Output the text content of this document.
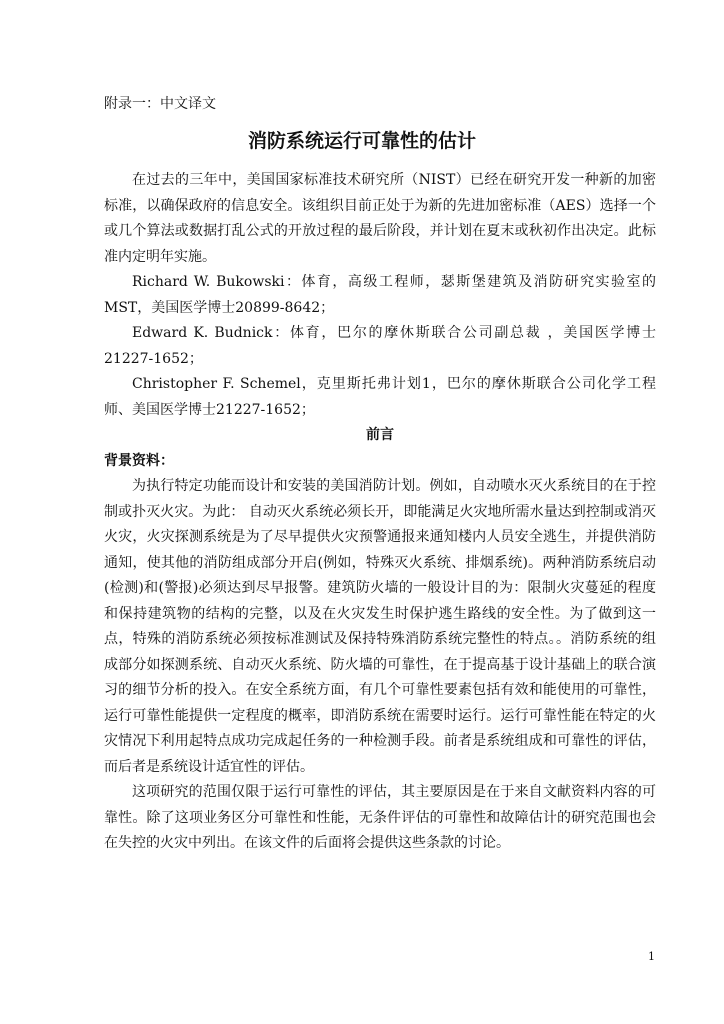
附录一：中文译文
消防系统运行可靠性的估计

在过去的三年中，美国国家标准技术研究所（NIST）已经在研究开发一种新的加密标准，以确保政府的信息安全。该组织目前正处于为新的先进加密标准（AES）选择一个或几个算法或数据打乱公式的开放过程的最后阶段，并计划在夏末或秋初作出决定。此标准内定明年实施。

Richard W. Bukowski：体育，高级工程师，瑟斯堡建筑及消防研究实验室的MST，美国医学博士20899-8642；

Edward K. Budnick：体育，巴尔的摩休斯联合公司副总裁 ，美国医学博士21227-1652；

Christopher F. Schemel，克里斯托弗计划1，巴尔的摩休斯联合公司化学工程师、美国医学博士21227-1652；

前言

背景资料：

为执行特定功能而设计和安装的美国消防计划。例如，自动喷水灭火系统目的在于控制或扑灭火灾。为此： 自动灭火系统必须长开，即能满足火灾地所需水量达到控制或消灭火灾，火灾探测系统是为了尽早提供火灾预警通报来通知楼内人员安全逃生，并提供消防通知，使其他的消防组成部分开启(例如，特殊灭火系统、排烟系统)。两种消防系统启动(检测)和(警报)必须达到尽早报警。建筑防火墙的一般设计目的为：限制火灾蔓延的程度和保持建筑物的结构的完整，以及在火灾发生时保护逃生路线的安全性。为了做到这一点，特殊的消防系统必须按标准测试及保持特殊消防系统完整性的特点。。消防系统的组成部分如探测系统、自动灭火系统、防火墙的可靠性，在于提高基于设计基础上的联合演习的细节分析的投入。在安全系统方面，有几个可靠性要素包括有效和能使用的可靠性，运行可靠性能提供一定程度的概率，即消防系统在需要时运行。运行可靠性能在特定的火灾情况下利用起特点成功完成起任务的一种检测手段。前者是系统组成和可靠性的评估，而后者是系统设计适宜性的评估。

这项研究的范围仅限于运行可靠性的评估，其主要原因是在于来自文献资料内容的可靠性。除了这项业务区分可靠性和性能，无条件评估的可靠性和故障估计的研究范围也会在失控的火灾中列出。在该文件的后面将会提供这些条款的讨论。

1
